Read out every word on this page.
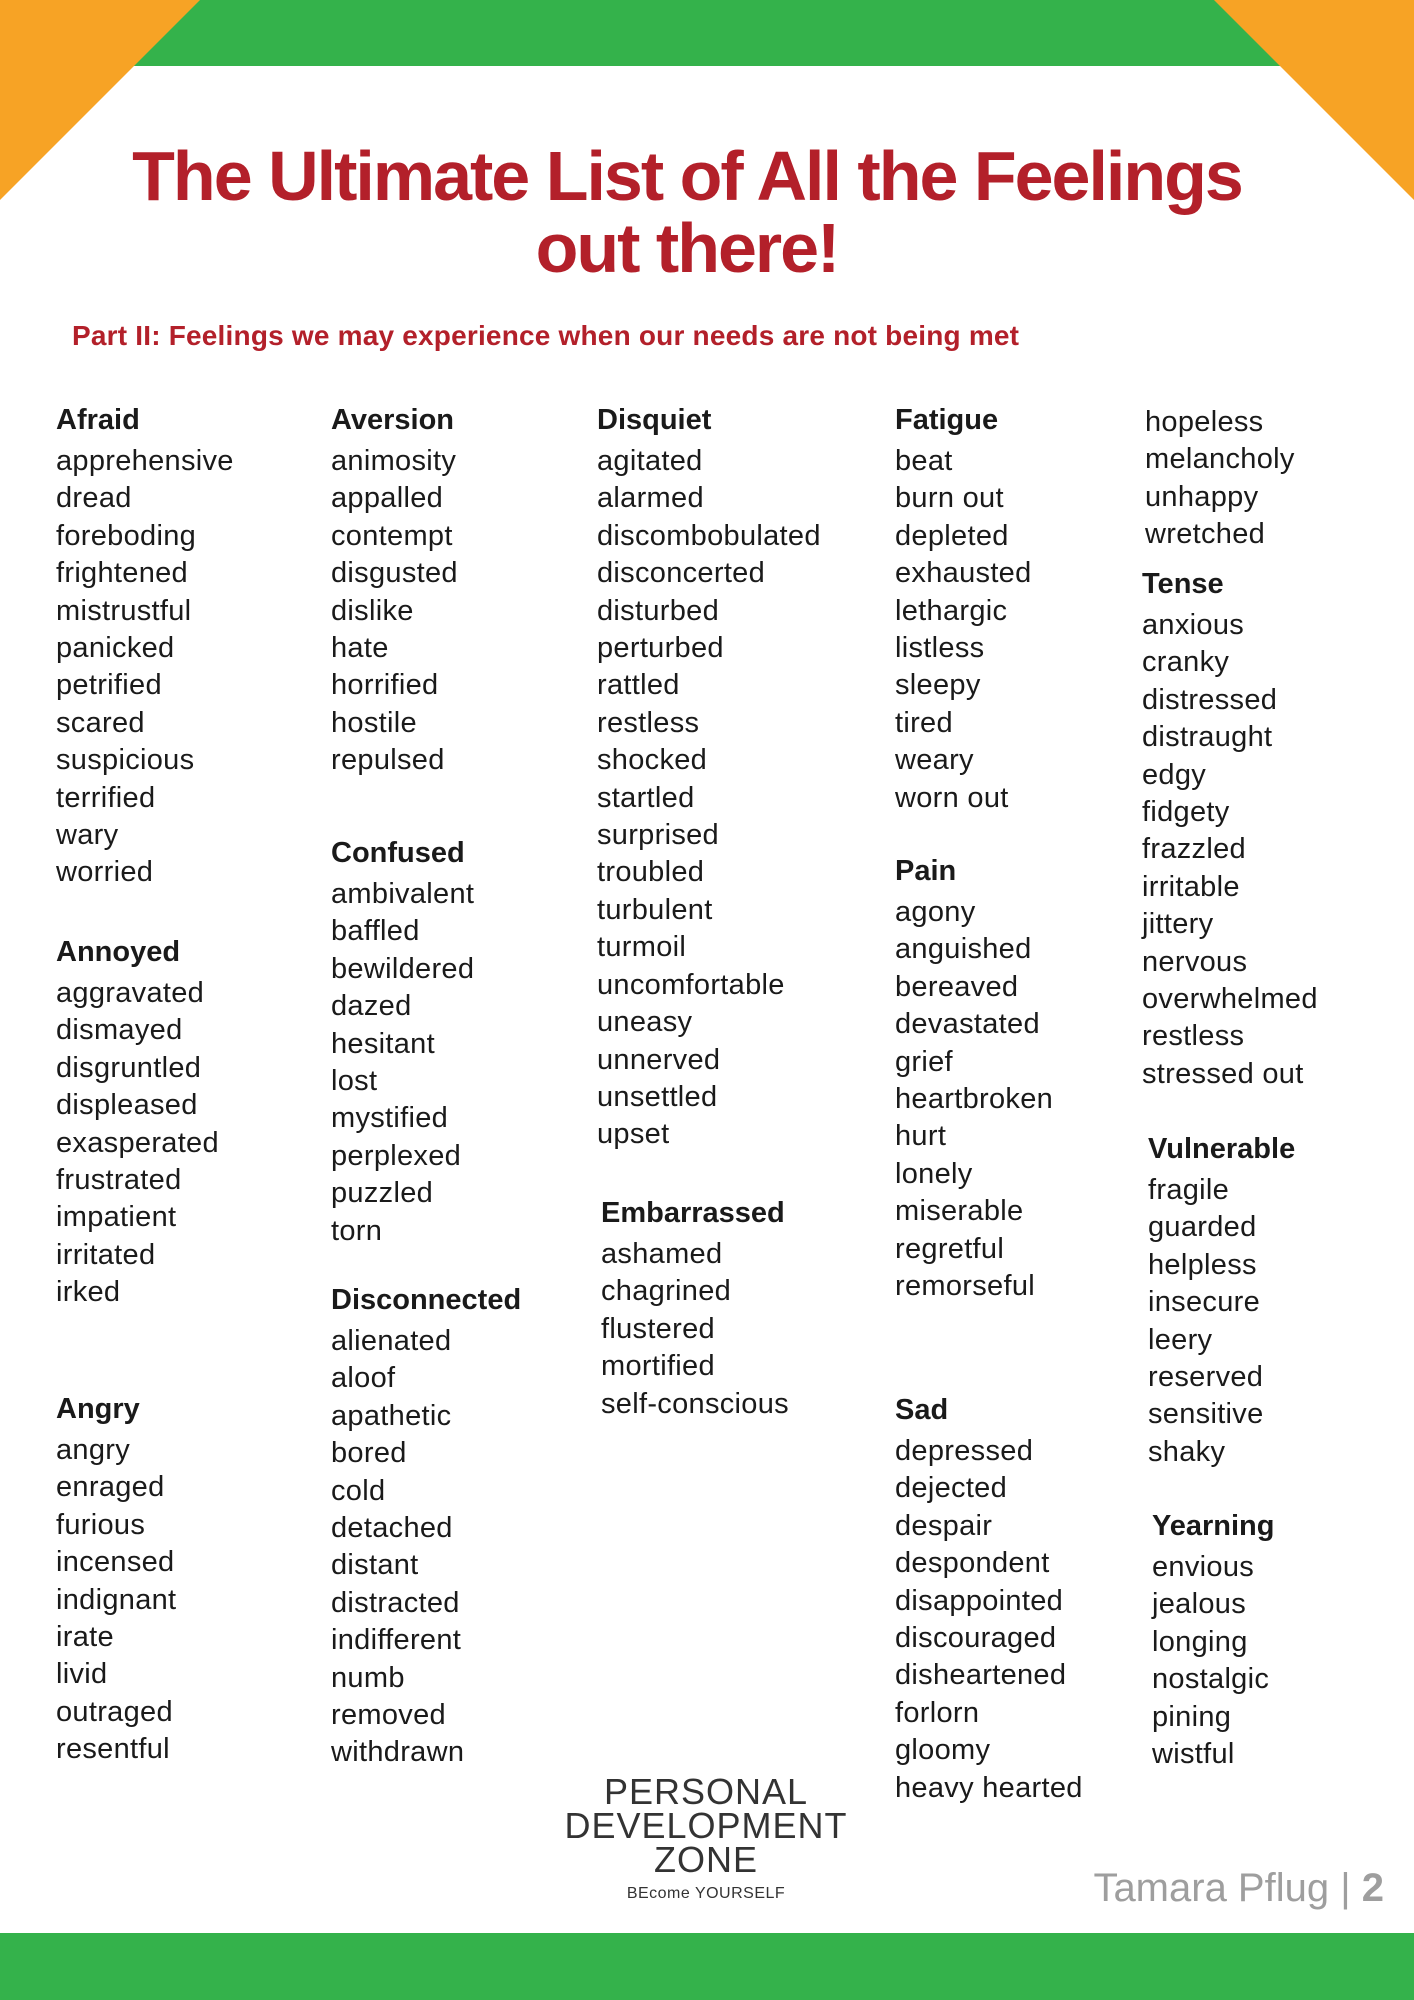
The Ultimate List of All the Feelings
out there!

Part II: Feelings we may experience when our needs are not being met

Afraid
apprehensive
dread
foreboding
frightened
mistrustful
panicked
petrified
scared
suspicious
terrified
wary
worried
Annoyed
aggravated
dismayed
disgruntled
displeased
exasperated
frustrated
impatient
irritated
irked
Angry
angry
enraged
furious
incensed
indignant
irate
livid
outraged
resentful
Aversion
animosity
appalled
contempt
disgusted
dislike
hate
horrified
hostile
repulsed
Confused
ambivalent
baffled
bewildered
dazed
hesitant
lost
mystified
perplexed
puzzled
torn
Disconnected
alienated
aloof
apathetic
bored
cold
detached
distant
distracted
indifferent
numb
removed
withdrawn
Disquiet
agitated
alarmed
discombobulated
disconcerted
disturbed
perturbed
rattled
restless
shocked
startled
surprised
troubled
turbulent
turmoil
uncomfortable
uneasy
unnerved
unsettled
upset
Embarrassed
ashamed
chagrined
flustered
mortified
self-conscious
Fatigue
beat
burn out
depleted
exhausted
lethargic
listless
sleepy
tired
weary
worn out
Pain
agony
anguished
bereaved
devastated
grief
heartbroken
hurt
lonely
miserable
regretful
remorseful
Sad
depressed
dejected
despair
despondent
disappointed
discouraged
disheartened
forlorn
gloomy
heavy hearted
hopeless
melancholy
unhappy
wretched
Tense
anxious
cranky
distressed
distraught
edgy
fidgety
frazzled
irritable
jittery
nervous
overwhelmed
restless
stressed out
Vulnerable
fragile
guarded
helpless
insecure
leery
reserved
sensitive
shaky
Yearning
envious
jealous
longing
nostalgic
pining
wistful
PERSONAL
DEVELOPMENT
ZONE
BEcome YOURSELF	Tamara Pflug | 2
